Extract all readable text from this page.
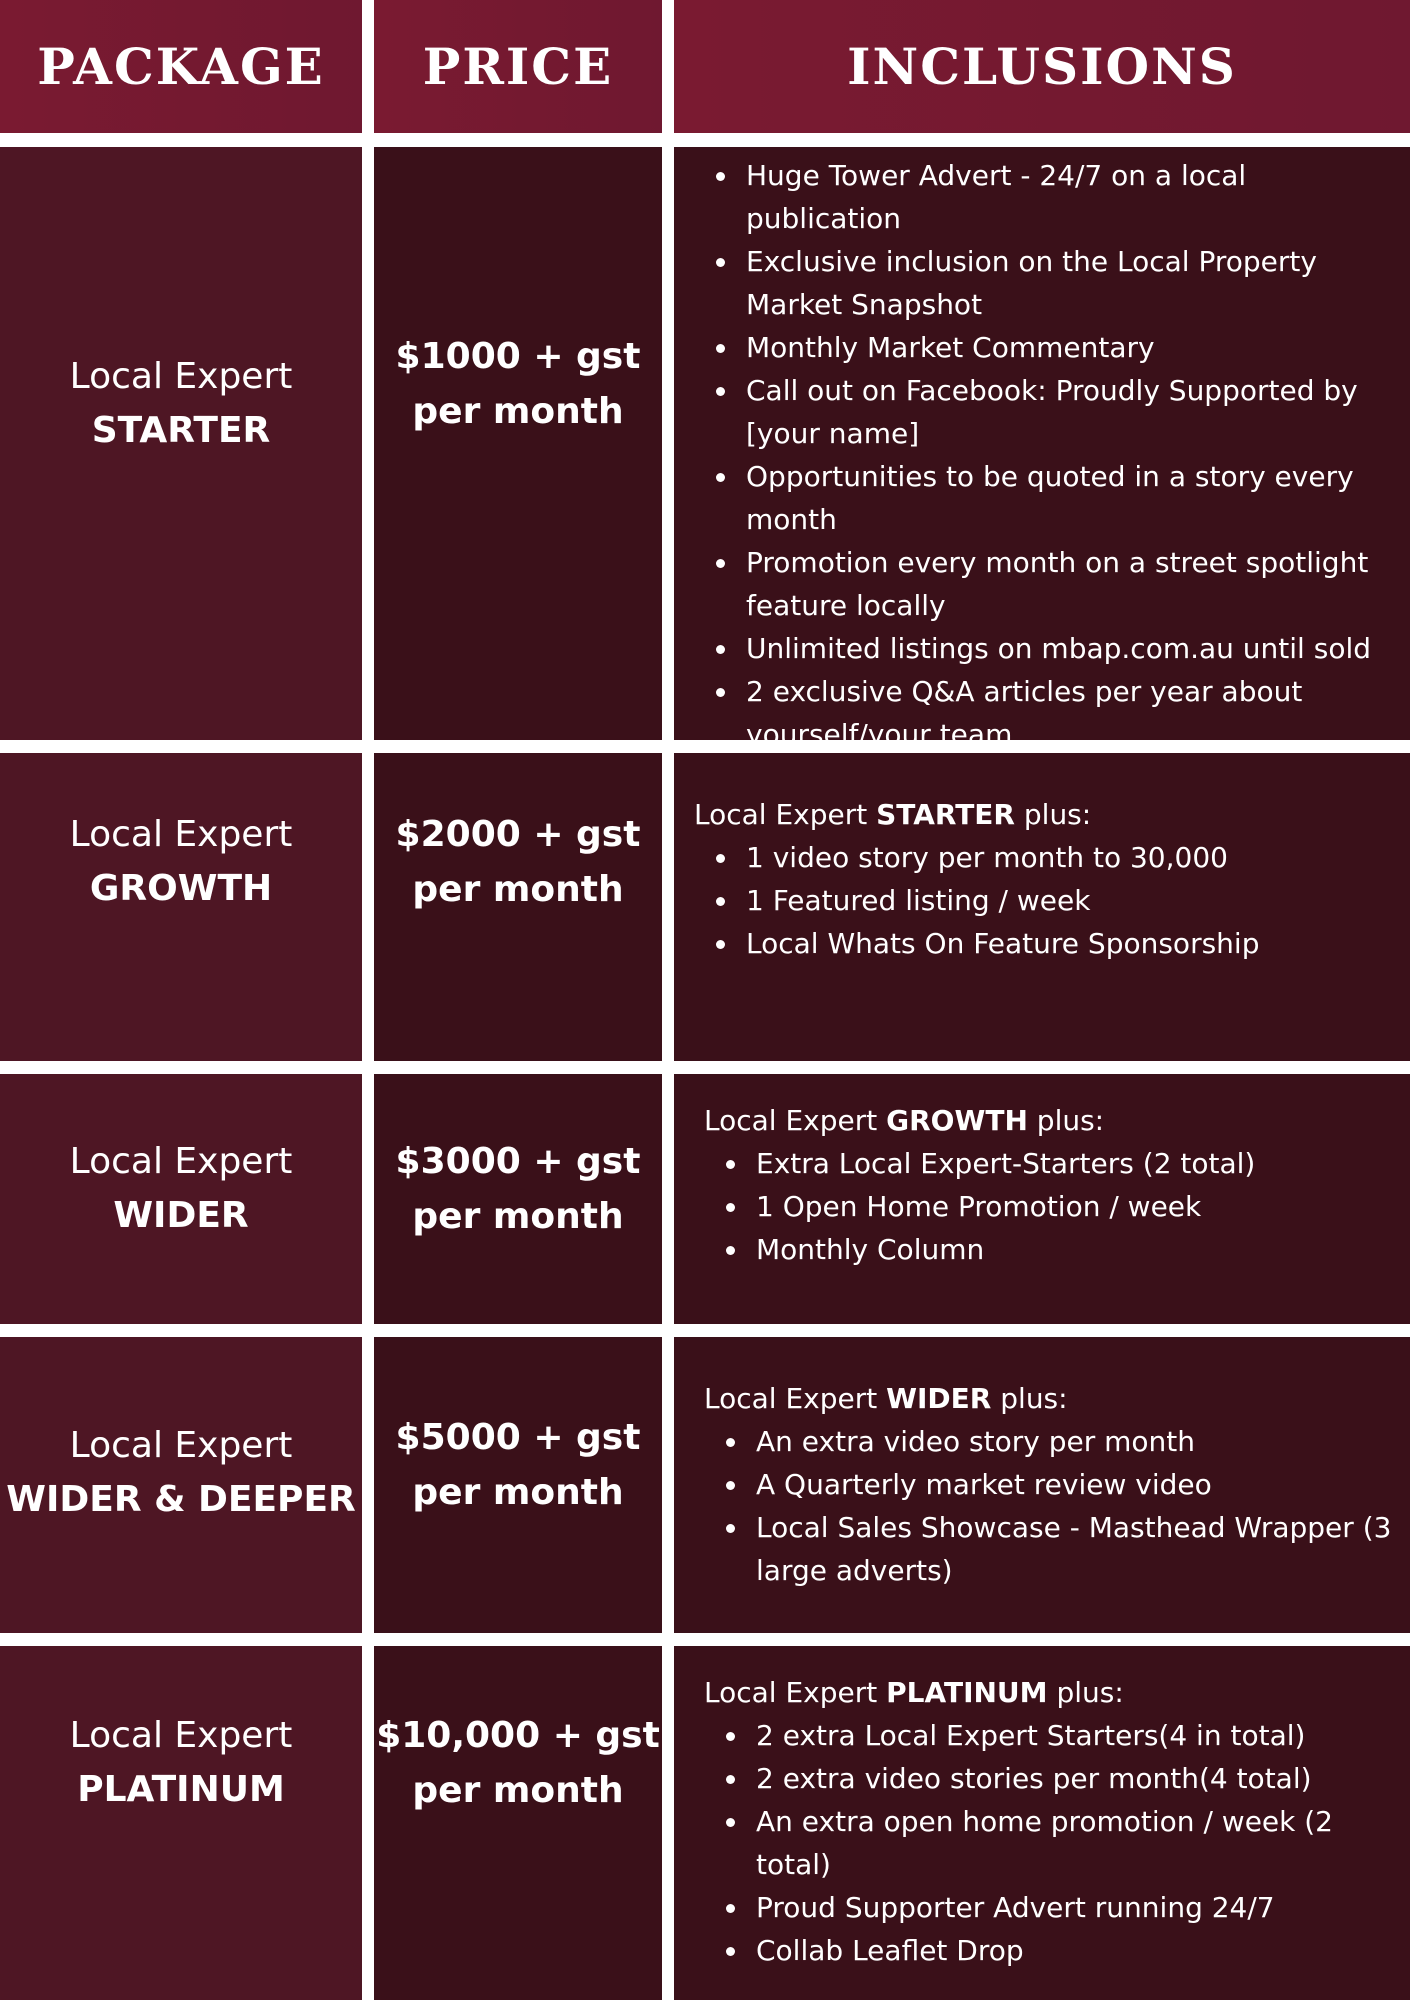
PACKAGE	PRICE	INCLUSIONS
Local Expert
STARTER
$1000 + gst
per month
Huge Tower Advert - 24/7 on a local publication
Exclusive inclusion on the Local Property Market Snapshot
Monthly Market Commentary
Call out on Facebook: Proudly Supported by [your name]
Opportunities to be quoted in a story every month
Promotion every month on a street spotlight feature locally
Unlimited listings on mbap.com.au until sold
2 exclusive Q&A articles per year about yourself/your team.
Local Expert
GROWTH
$2000 + gst
per month

Local Expert STARTER plus:

1 video story per month to 30,000
1 Featured listing / week
Local Whats On Feature Sponsorship
Local Expert
WIDER
$3000 + gst
per month

Local Expert GROWTH plus:

Extra Local Expert-Starters (2 total)
1 Open Home Promotion / week
Monthly Column
Local Expert
WIDER & DEEPER
$5000 + gst
per month

Local Expert WIDER plus:

An extra video story per month
A Quarterly market review video
Local Sales Showcase - Masthead Wrapper (3 large adverts)
Local Expert
PLATINUM
$10,000 + gst
per month

Local Expert PLATINUM plus:

2 extra Local Expert Starters(4 in total)
2 extra video stories per month(4 total)
An extra open home promotion / week (2 total)
Proud Supporter Advert running 24/7
Collab Leaflet Drop
